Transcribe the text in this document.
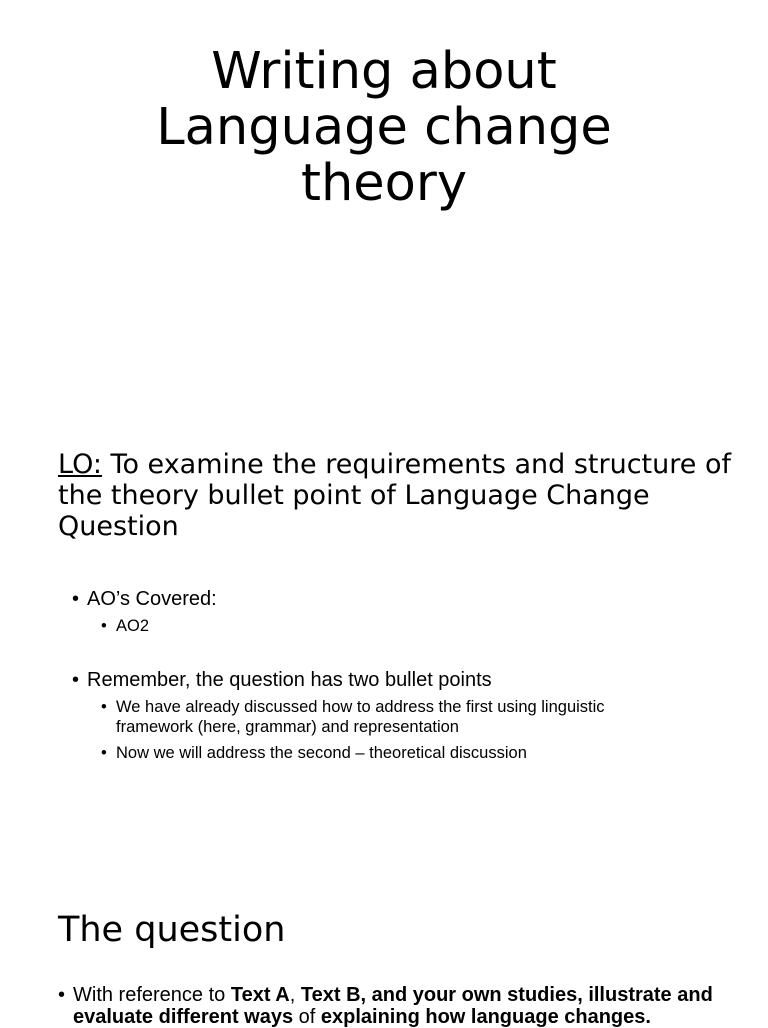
Writing about
Language change
theory
LO: To examine the requirements and structure of the theory bullet point of Language Change Question
• AO’s Covered:
• AO2
• Remember, the question has two bullet points
• We have already discussed how to address the first using linguistic framework (here, grammar) and representation
• Now we will address the second – theoretical discussion
The question
• With reference to Text A, Text B, and your own studies, illustrate and evaluate different ways of explaining how language changes.
